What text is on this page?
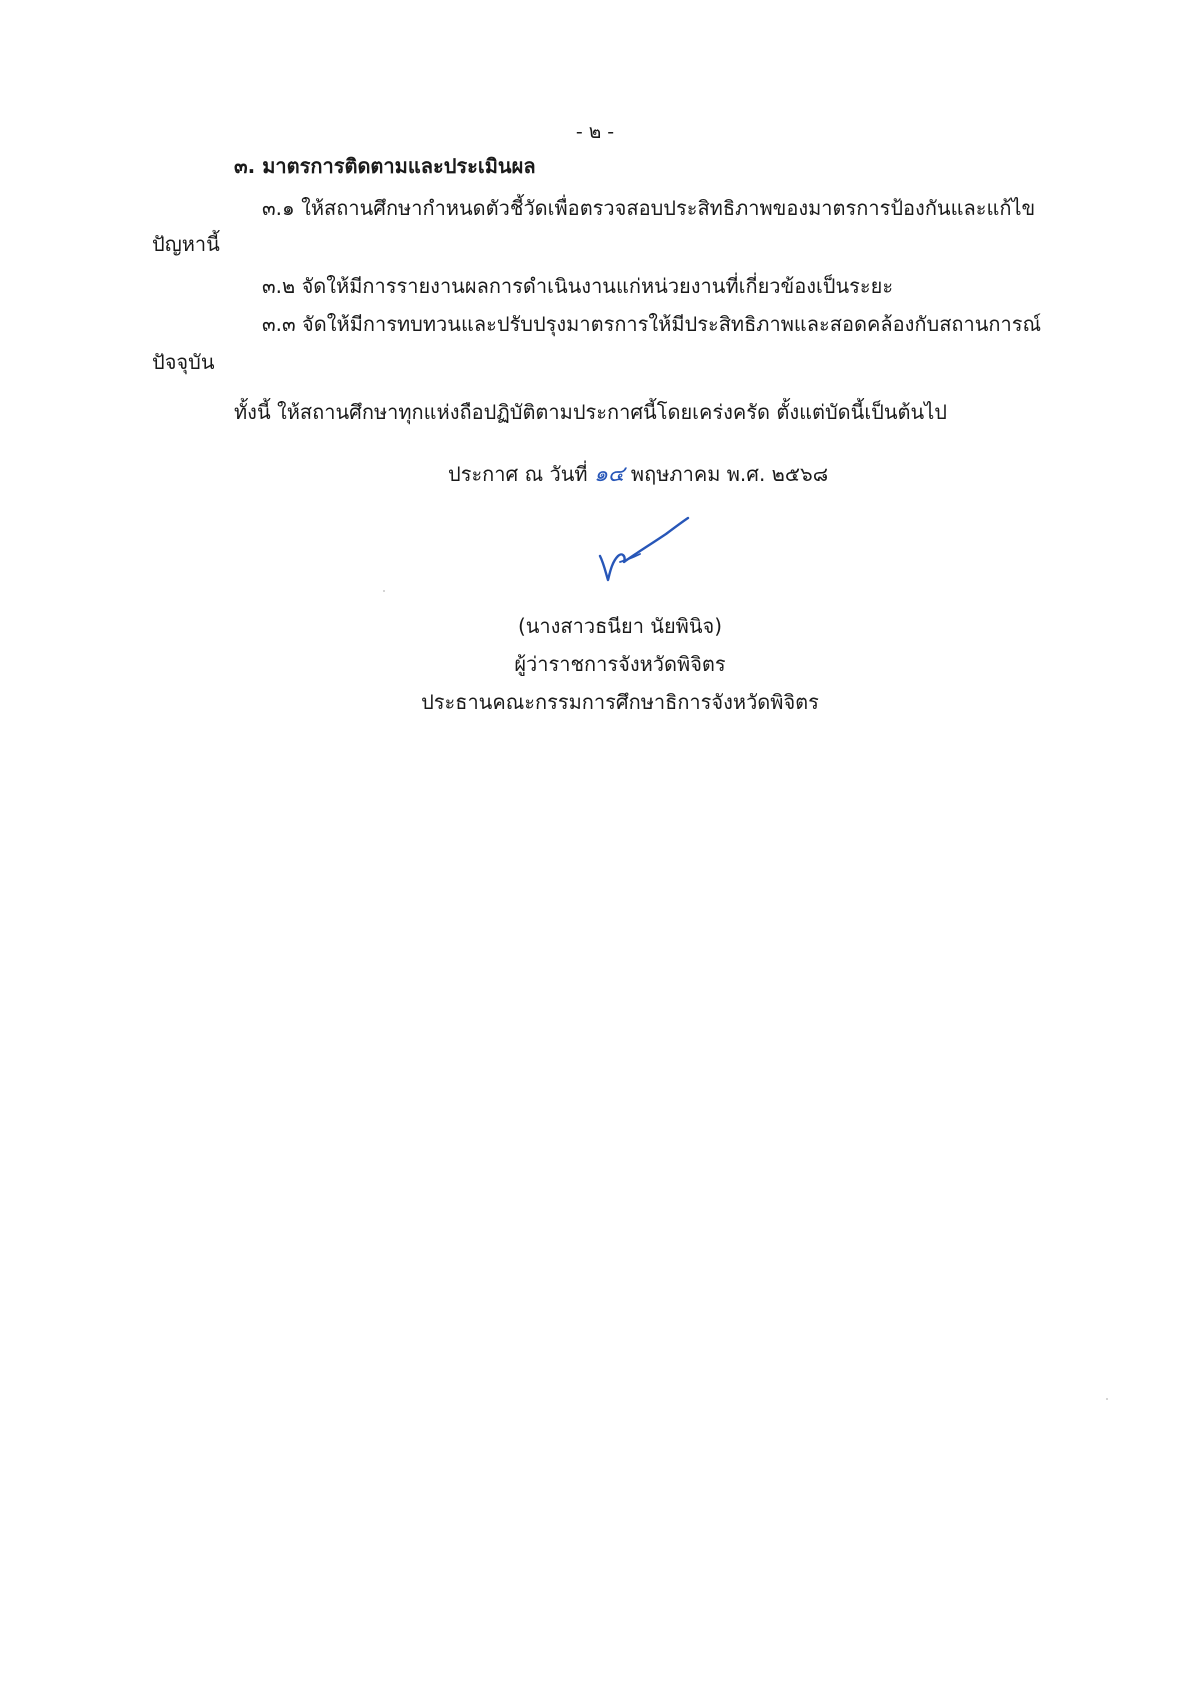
- ๒ -
๓. มาตรการติดตามและประเมินผล
๓.๑ ให้สถานศึกษากำหนดตัวชี้วัดเพื่อตรวจสอบประสิทธิภาพของมาตรการป้องกันและแก้ไข
ปัญหานี้
๓.๒ จัดให้มีการรายงานผลการดำเนินงานแก่หน่วยงานที่เกี่ยวข้องเป็นระยะ
๓.๓ จัดให้มีการทบทวนและปรับปรุงมาตรการให้มีประสิทธิภาพและสอดคล้องกับสถานการณ์
ปัจจุบัน
ทั้งนี้ ให้สถานศึกษาทุกแห่งถือปฏิบัติตามประกาศนี้โดยเคร่งครัด ตั้งแต่บัดนี้เป็นต้นไป
ประกาศ ณ วันที่ ๑๔ พฤษภาคม พ.ศ. ๒๕๖๘
(นางสาวธนียา นัยพินิจ)
ผู้ว่าราชการจังหวัดพิจิตร
ประธานคณะกรรมการศึกษาธิการจังหวัดพิจิตร
